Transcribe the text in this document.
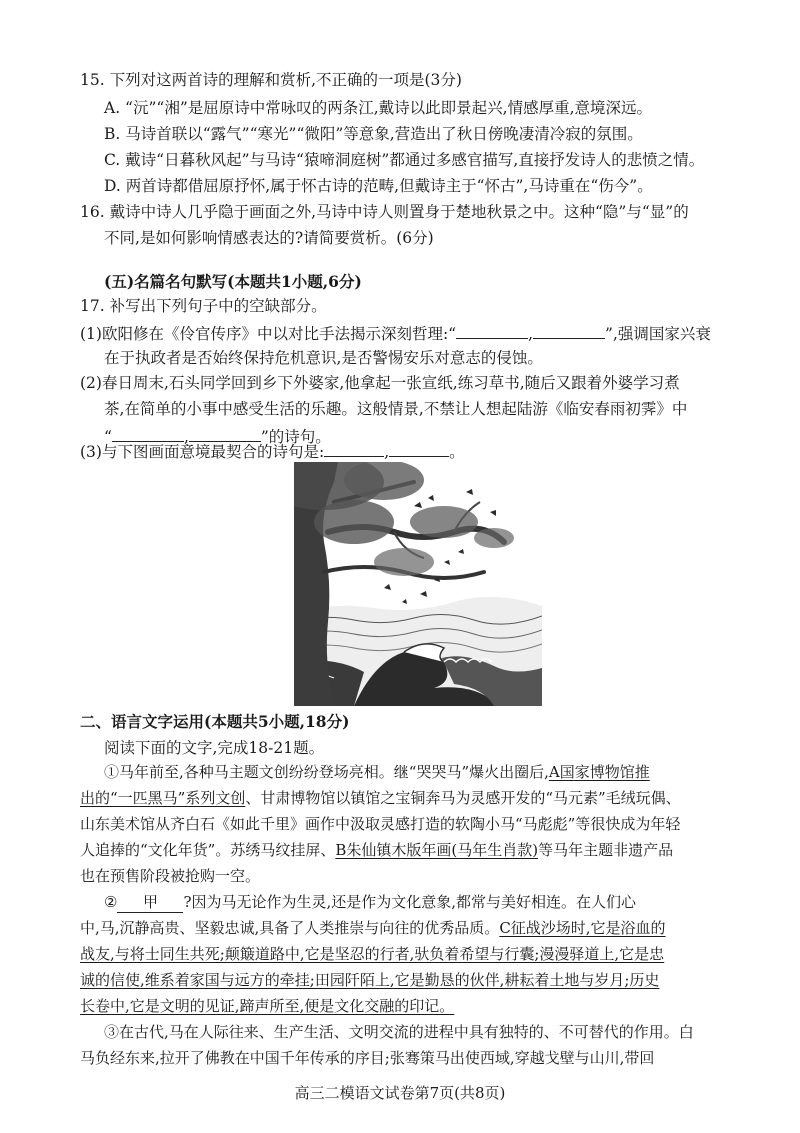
15. 下列对这两首诗的理解和赏析,不正确的一项是(3分)
A. “沅”“湘”是屈原诗中常咏叹的两条江,戴诗以此即景起兴,情感厚重,意境深远。
B. 马诗首联以“露气”“寒光”“微阳”等意象,营造出了秋日傍晚凄清冷寂的氛围。
C. 戴诗“日暮秋风起”与马诗“猿啼洞庭树”都通过多感官描写,直接抒发诗人的悲愤之情。
D. 两首诗都借屈原抒怀,属于怀古诗的范畴,但戴诗主于“怀古”,马诗重在“伤今”。
16. 戴诗中诗人几乎隐于画面之外,马诗中诗人则置身于楚地秋景之中。这种“隐”与“显”的
不同,是如何影响情感表达的?请简要赏析。(6分)
(五)名篇名句默写(本题共1小题,6分)
17. 补写出下列句子中的空缺部分。
(1)欧阳修在《伶官传序》中以对比手法揭示深刻哲理:“	,	”,强调国家兴衰
在于执政者是否始终保持危机意识,是否警惕安乐对意志的侵蚀。
(2)春日周末,石头同学回到乡下外婆家,他拿起一张宣纸,练习草书,随后又跟着外婆学习煮
茶,在简单的小事中感受生活的乐趣。这般情景,不禁让人想起陆游《临安春雨初霁》中
“	,	”的诗句。
(3)与下图画面意境最契合的诗句是:	,	。
二、语言文字运用(本题共5小题,18分)
阅读下面的文字,完成18-21题。
①马年前至,各种马主题文创纷纷登场亮相。继“哭哭马”爆火出圈后,A国家博物馆推
出的“一匹黑马”系列文创、甘肃博物馆以镇馆之宝铜奔马为灵感开发的“马元素”毛绒玩偶、
山东美术馆从齐白石《如此千里》画作中汲取灵感打造的软陶小马“马彪彪”等很快成为年轻
人追捧的“文化年货”。苏绣马纹挂屏、B朱仙镇木版年画(马年生肖款)等马年主题非遗产品
也在预售阶段被抢购一空。
② 甲 ?因为马无论作为生灵,还是作为文化意象,都常与美好相连。在人们心
中,马,沉静高贵、坚毅忠诚,具备了人类推崇与向往的优秀品质。C征战沙场时,它是浴血的
战友,与将士同生共死;颠簸道路中,它是坚忍的行者,驮负着希望与行囊;漫漫驿道上,它是忠
诚的信使,维系着家国与远方的牵挂;田园阡陌上,它是勤恳的伙伴,耕耘着土地与岁月;历史
长卷中,它是文明的见证,蹄声所至,便是文化交融的印记。
③在古代,马在人际往来、生产生活、文明交流的进程中具有独特的、不可替代的作用。白
马负经东来,拉开了佛教在中国千年传承的序目;张骞策马出使西域,穿越戈壁与山川,带回
高三二模语文试卷第7页(共8页)
